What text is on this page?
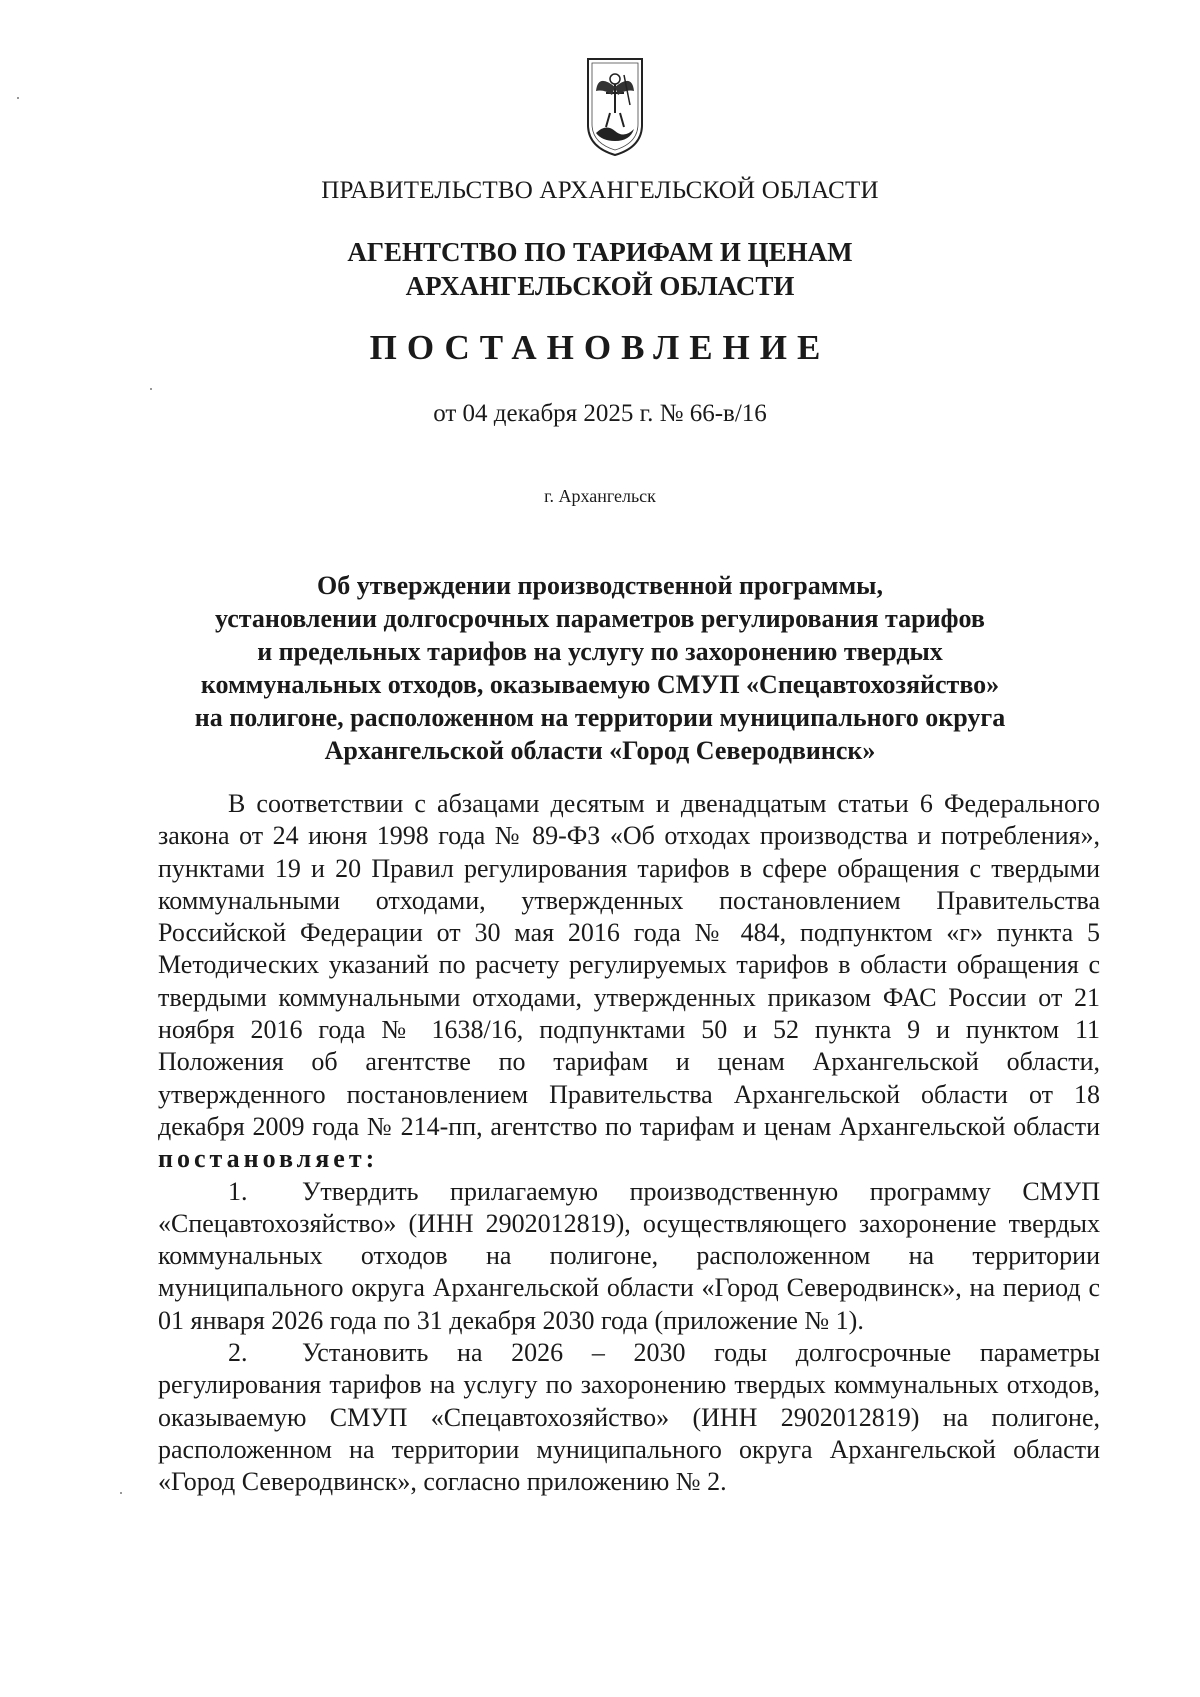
ПРАВИТЕЛЬСТВО АРХАНГЕЛЬСКОЙ ОБЛАСТИ
АГЕНТСТВО ПО ТАРИФАМ И ЦЕНАМ
АРХАНГЕЛЬСКОЙ ОБЛАСТИ
ПОСТАНОВЛЕНИЕ
от 04 декабря 2025 г. № 66-в/16
г. Архангельск
Об утверждении производственной программы,
установлении долгосрочных параметров регулирования тарифов
и предельных тарифов на услугу по захоронению твердых
коммунальных отходов, оказываемую СМУП «Спецавтохозяйство»
на полигоне, расположенном на территории муниципального округа
Архангельской области «Город Северодвинск»

В соответствии с абзацами десятым и двенадцатым статьи 6 Федерального закона от 24 июня 1998 года № 89-ФЗ «Об отходах производства и потребления», пунктами 19 и 20 Правил регулирования тарифов в сфере обращения с твердыми коммунальными отходами, утвержденных постановлением Правительства Российской Федерации от 30 мая 2016 года № 484, подпунктом «г» пункта 5 Методических указаний по расчету регулируемых тарифов в области обращения с твердыми коммунальными отходами, утвержденных приказом ФАС России от 21 ноября 2016 года № 1638/16, подпунктами 50 и 52 пункта 9 и пунктом 11 Положения об агентстве по тарифам и ценам Архангельской области, утвержденного постановлением Правительства Архангельской области от 18 декабря 2009 года № 214-пп, агентство по тарифам и ценам Архангельской области постановляет:

1. Утвердить прилагаемую производственную программу СМУП «Спецавтохозяйство» (ИНН 2902012819), осуществляющего захоронение твердых коммунальных отходов на полигоне, расположенном на территории муниципального округа Архангельской области «Город Северодвинск», на период с 01 января 2026 года по 31 декабря 2030 года (приложение № 1).

2. Установить на 2026 – 2030 годы долгосрочные параметры регулирования тарифов на услугу по захоронению твердых коммунальных отходов, оказываемую СМУП «Спецавтохозяйство» (ИНН 2902012819) на полигоне, расположенном на территории муниципального округа Архангельской области «Город Северодвинск», согласно приложению № 2.
